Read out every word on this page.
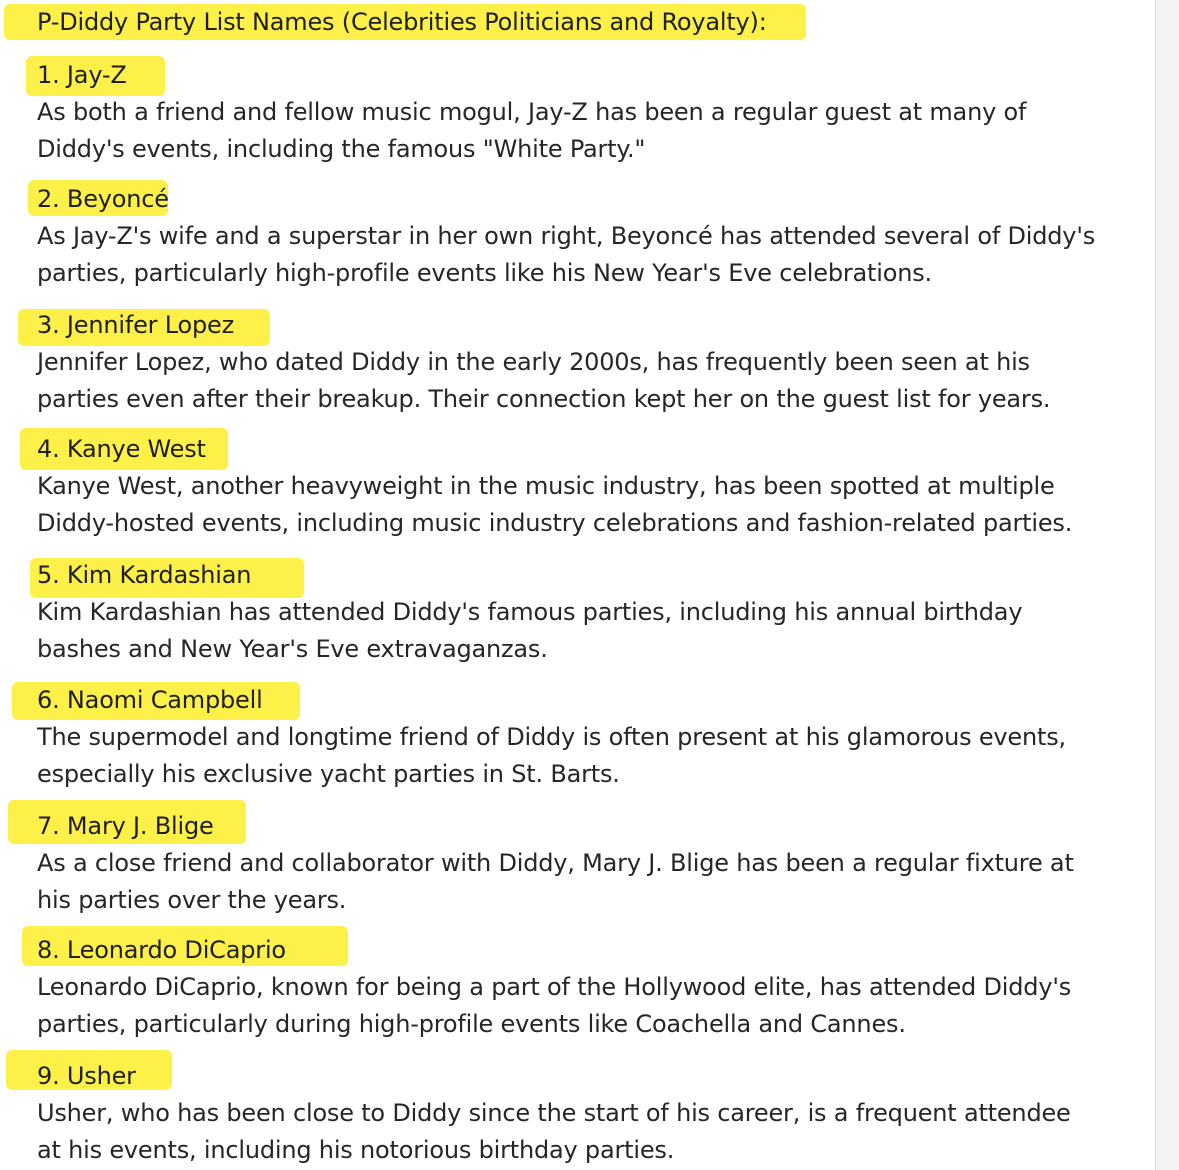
P-Diddy Party List Names (Celebrities Politicians and Royalty):
1. Jay-Z
As both a friend and fellow music mogul, Jay-Z has been a regular guest at many of
Diddy's events, including the famous "White Party."
2. Beyoncé
As Jay-Z's wife and a superstar in her own right, Beyoncé has attended several of Diddy's
parties, particularly high-profile events like his New Year's Eve celebrations.
3. Jennifer Lopez
Jennifer Lopez, who dated Diddy in the early 2000s, has frequently been seen at his
parties even after their breakup. Their connection kept her on the guest list for years.
4. Kanye West
Kanye West, another heavyweight in the music industry, has been spotted at multiple
Diddy-hosted events, including music industry celebrations and fashion-related parties.
5. Kim Kardashian
Kim Kardashian has attended Diddy's famous parties, including his annual birthday
bashes and New Year's Eve extravaganzas.
6. Naomi Campbell
The supermodel and longtime friend of Diddy is often present at his glamorous events,
especially his exclusive yacht parties in St. Barts.
7. Mary J. Blige
As a close friend and collaborator with Diddy, Mary J. Blige has been a regular fixture at
his parties over the years.
8. Leonardo DiCaprio
Leonardo DiCaprio, known for being a part of the Hollywood elite, has attended Diddy's
parties, particularly during high-profile events like Coachella and Cannes.
9. Usher
Usher, who has been close to Diddy since the start of his career, is a frequent attendee
at his events, including his notorious birthday parties.
